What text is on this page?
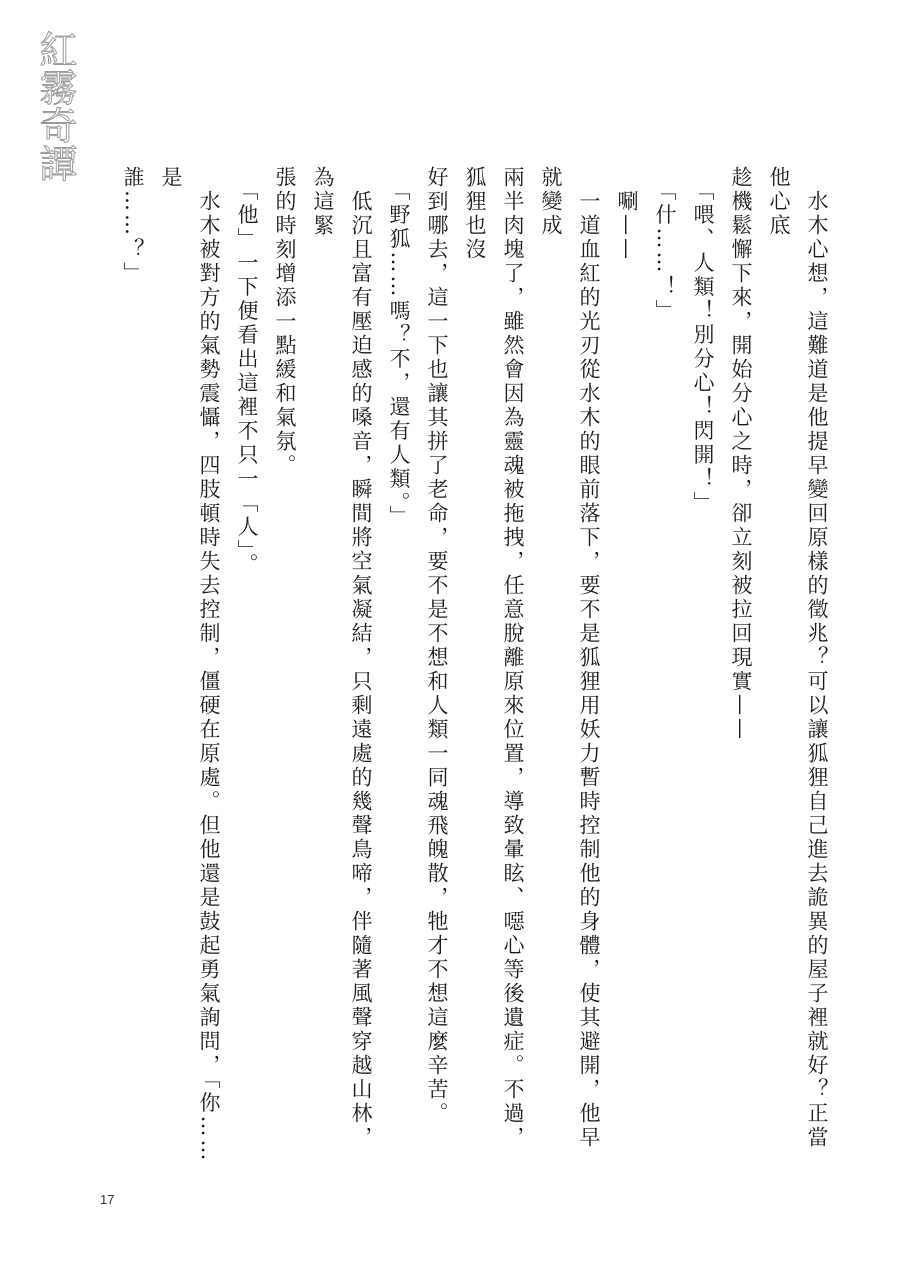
紅霧奇譚

　水木心想，這難道是他提早變回原樣的徵兆？可以讓狐狸自己進去詭異的屋子裡就好？正當他心底

趁機鬆懈下來，開始分心之時，卻立刻被拉回現實——

　「喂、人類！別分心！閃開！」

　「什……！」

　唰——

　一道血紅的光刃從水木的眼前落下，要不是狐狸用妖力暫時控制他的身體，使其避開，他早就變成

兩半肉塊了，雖然會因為靈魂被拖拽，任意脫離原來位置，導致暈眩、噁心等後遺症。不過，狐狸也沒

好到哪去，這一下也讓其拼了老命，要不是不想和人類一同魂飛魄散，牠才不想這麼辛苦。

　「野狐……嗎？不，還有人類。」

　低沉且富有壓迫感的嗓音，瞬間將空氣凝結，只剩遠處的幾聲鳥啼，伴隨著風聲穿越山林，為這緊

張的時刻增添一點緩和氣氛。

　「他」一下便看出這裡不只一「人」。

　水木被對方的氣勢震懾，四肢頓時失去控制，僵硬在原處。但他還是鼓起勇氣詢問，「你……是

誰……？」

17
